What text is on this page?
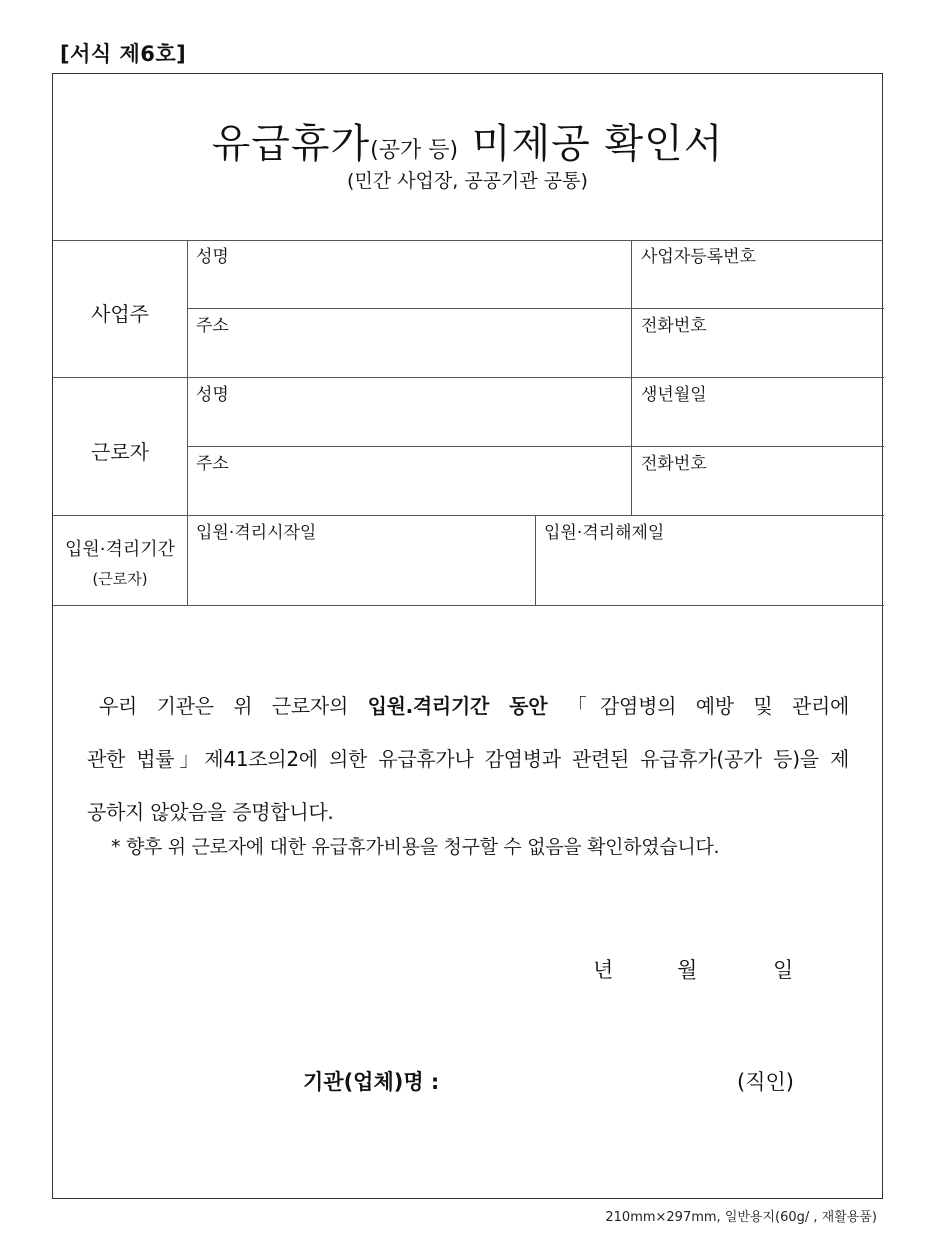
[서식 제6호]
유급휴가(공가 등) 미제공 확인서
(민간 사업장, 공공기관 공통)
사업주
성명	사업자등록번호
주소	전화번호
근로자
성명	생년월일
주소	전화번호
입원·격리기간
(근로자)
입원·격리시작일	입원·격리해제일
우리 기관은 위 근로자의 입원.격리기간 동안 「감염병의 예방 및 관리에
관한 법률」제41조의2에 의한 유급휴가나 감염병과 관련된 유급휴가(공가 등)을 제
공하지 않았음을 증명합니다.
* 향후 위 근로자에 대한 유급휴가비용을 청구할 수 없음을 확인하였습니다.
년	월	일
기관(업체)명 :	(직인)
210mm×297mm, 일반용지(60g/ , 재활용품)
